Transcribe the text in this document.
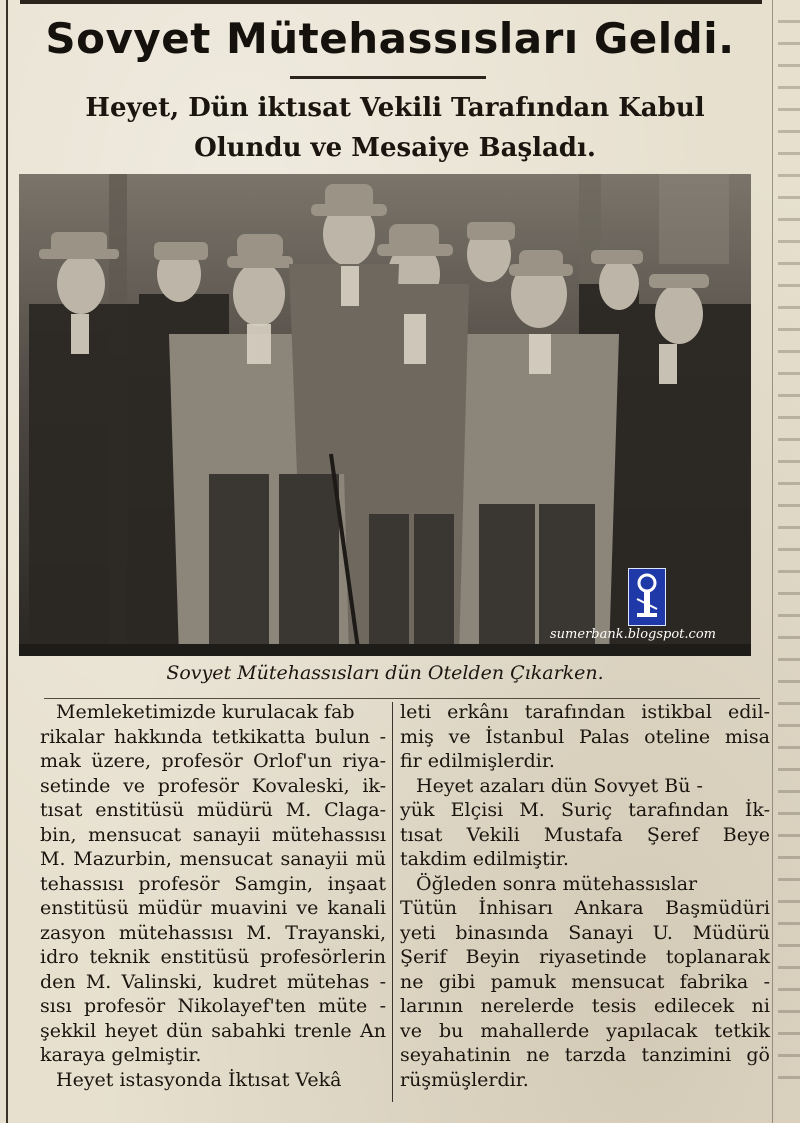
Sovyet Mütehassısları Geldi.
Heyet, Dün iktısat Vekili Tarafından Kabul
Olundu ve Mesaiye Başladı.
sumerbank.blogspot.com
Sovyet Mütehassısları dün Otelden Çıkarken.
Memleketimizde kurulacak fab
rikalar hakkında tetkikatta bulun -
mak üzere, profesör Orlof'un riya-
setinde ve profesör Kovaleski, ik-
tısat enstitüsü müdürü M. Claga-
bin, mensucat sanayii mütehassısı
M. Mazurbin, mensucat sanayii mü
tehassısı profesör Samgin, inşaat
enstitüsü müdür muavini ve kanali
zasyon mütehassısı M. Trayanski,
idro teknik enstitüsü profesörlerin
den M. Valinski, kudret mütehas -
sısı profesör Nikolayef'ten müte -
şekkil heyet dün sabahki trenle An
karaya gelmiştir.
Heyet istasyonda İktısat Vekâ
leti erkânı tarafından istikbal edil-
miş ve İstanbul Palas oteline misa
fir edilmişlerdir.
Heyet azaları dün Sovyet Bü -
yük Elçisi M. Suriç tarafından İk-
tısat Vekili Mustafa Şeref Beye
takdim edilmiştir.
Öğleden sonra mütehassıslar
Tütün İnhisarı Ankara Başmüdüri
yeti binasında Sanayi U. Müdürü
Şerif Beyin riyasetinde toplanarak
ne gibi pamuk mensucat fabrika -
larının nerelerde tesis edilecek ni
ve bu mahallerde yapılacak tetkik
seyahatinin ne tarzda tanzimini gö
rüşmüşlerdir.
